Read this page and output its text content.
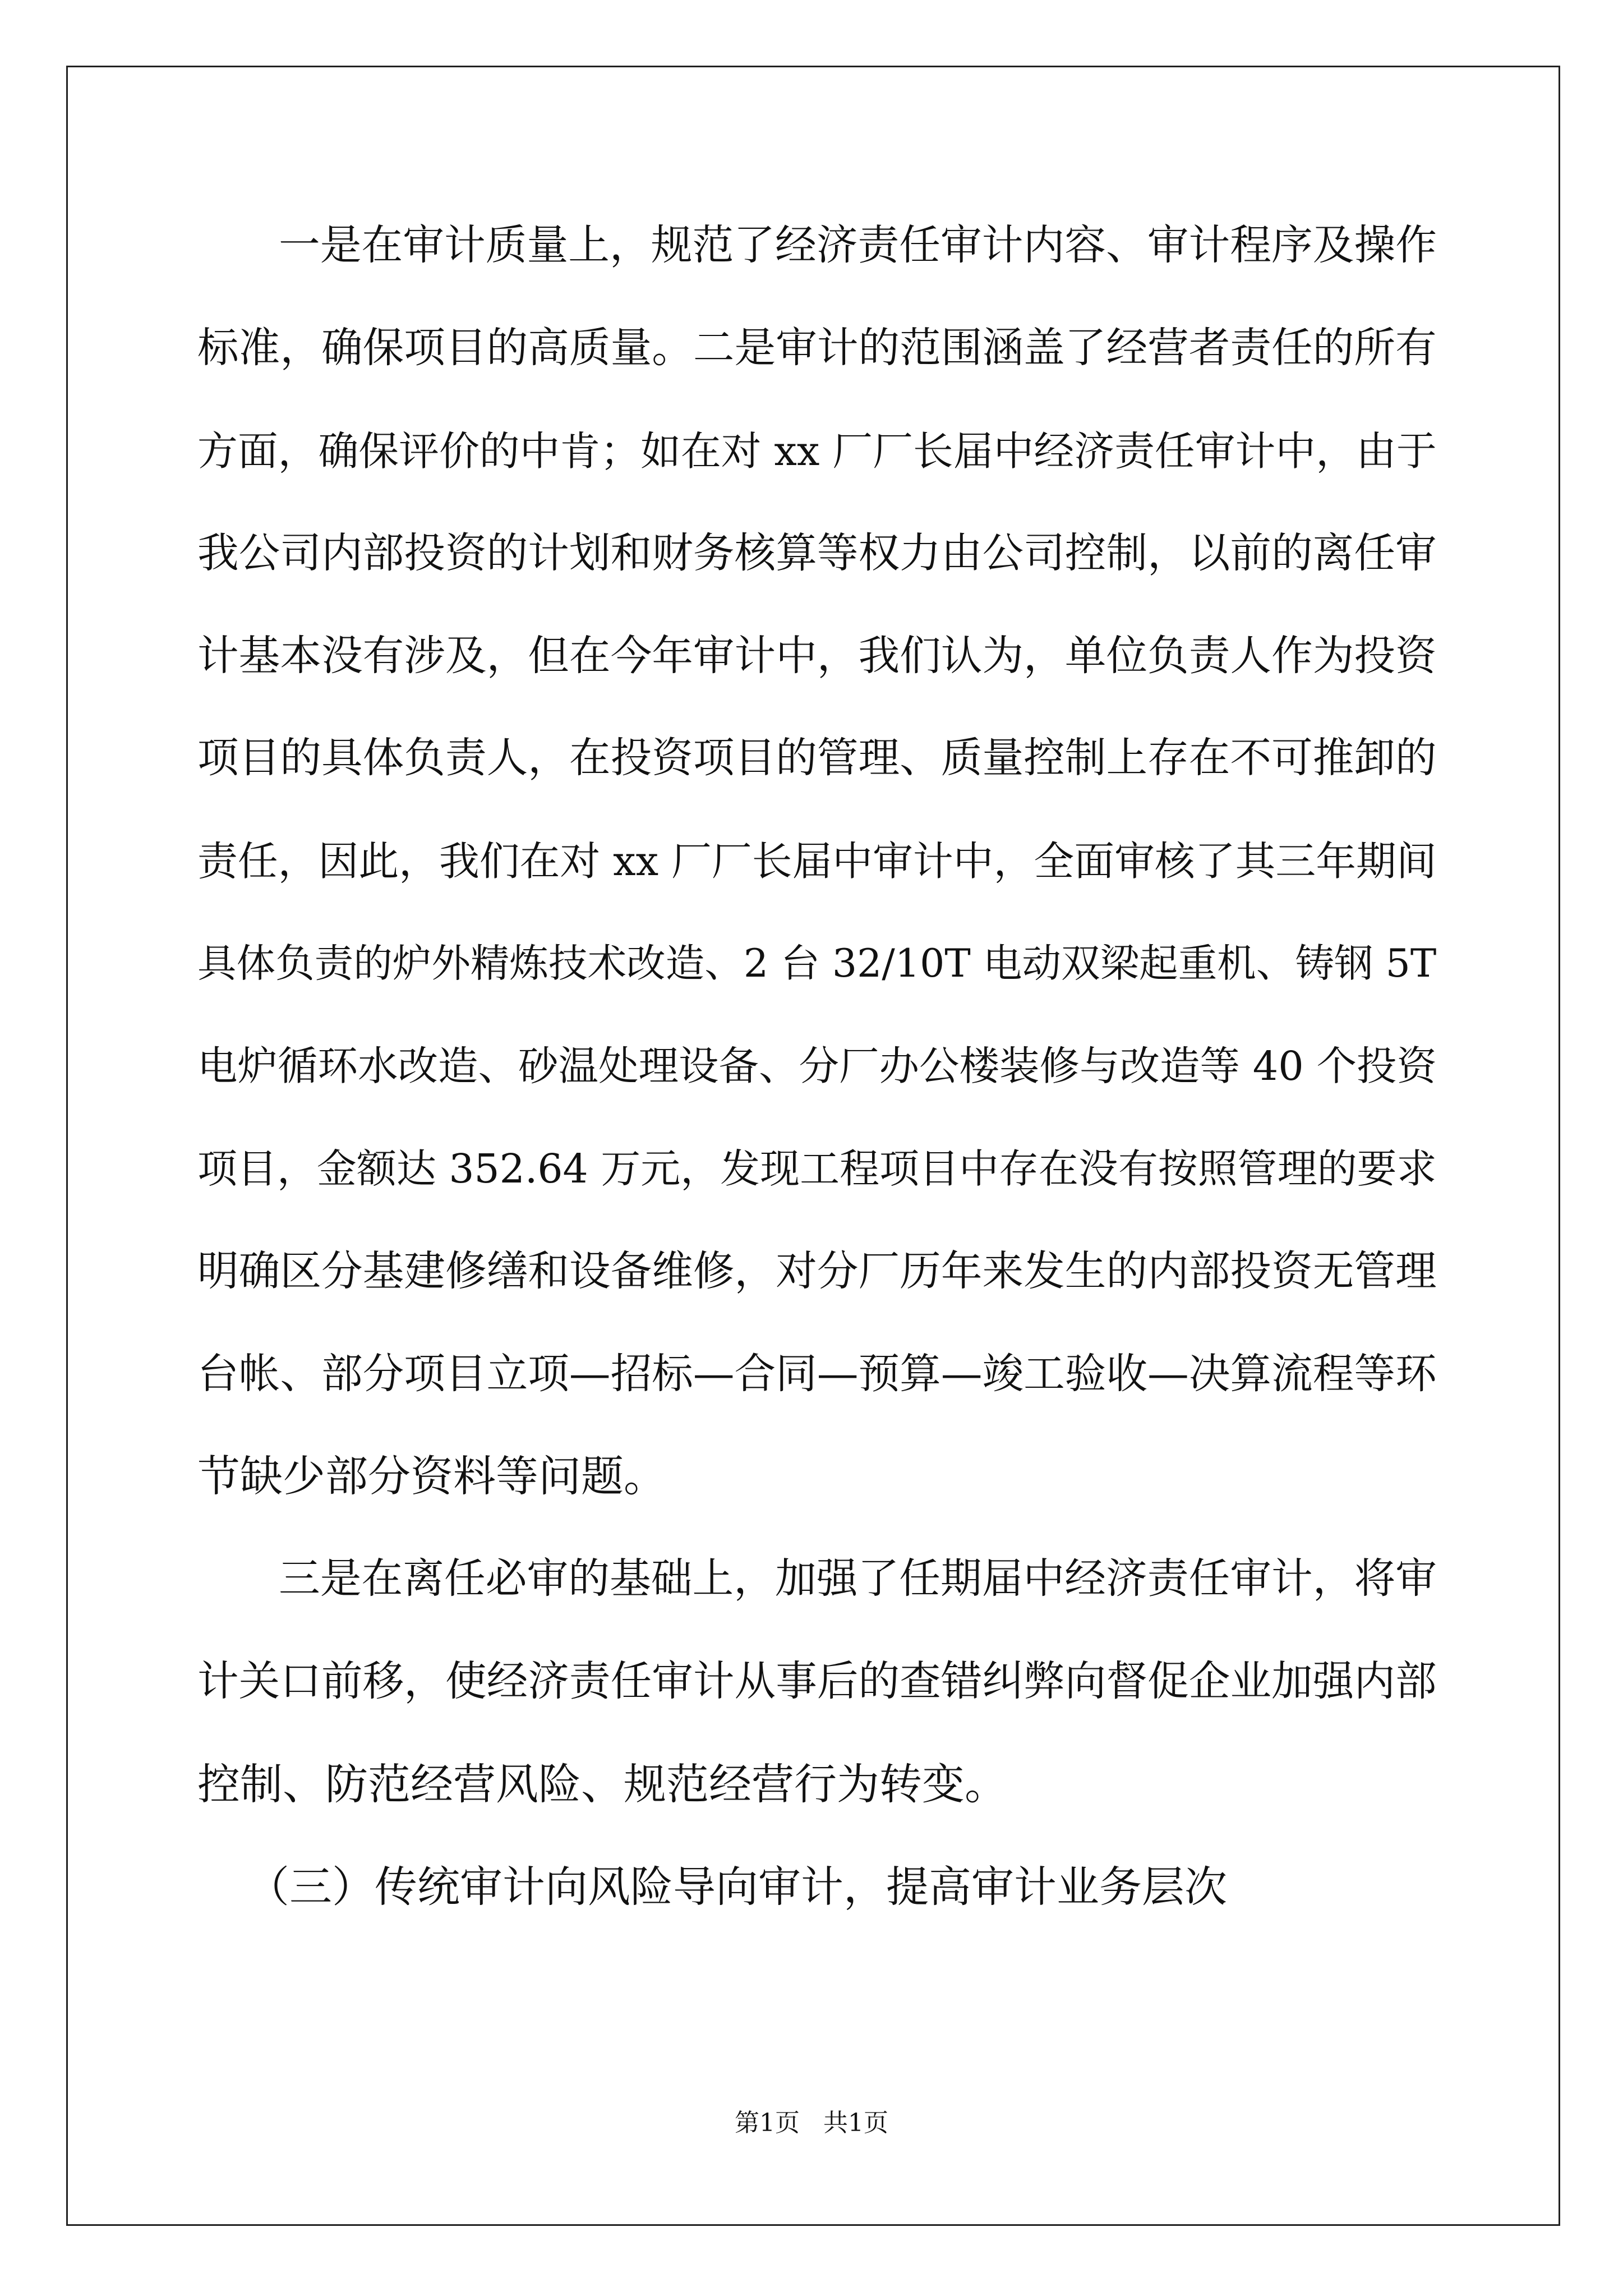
一是在审计质量上，规范了经济责任审计内容、审计程序及操作
标准，确保项目的高质量。二是审计的范围涵盖了经营者责任的所有
方面，确保评价的中肯；如在对 xx 厂厂长届中经济责任审计中，由于
我公司内部投资的计划和财务核算等权力由公司控制，以前的离任审
计基本没有涉及，但在今年审计中，我们认为，单位负责人作为投资
项目的具体负责人，在投资项目的管理、质量控制上存在不可推卸的
责任，因此，我们在对 xx 厂厂长届中审计中，全面审核了其三年期间
具体负责的炉外精炼技术改造、2 台 32/10T 电动双梁起重机、铸钢 5T
电炉循环水改造、砂温处理设备、分厂办公楼装修与改造等 40 个投资
项目，金额达 352.64 万元，发现工程项目中存在没有按照管理的要求
明确区分基建修缮和设备维修，对分厂历年来发生的内部投资无管理
台帐、部分项目立项—招标—合同—预算—竣工验收—决算流程等环
节缺少部分资料等问题。
三是在离任必审的基础上，加强了任期届中经济责任审计，将审
计关口前移，使经济责任审计从事后的查错纠弊向督促企业加强内部
控制、防范经营风险、规范经营行为转变。
（三）传统审计向风险导向审计，提高审计业务层次
第1页   共1页
